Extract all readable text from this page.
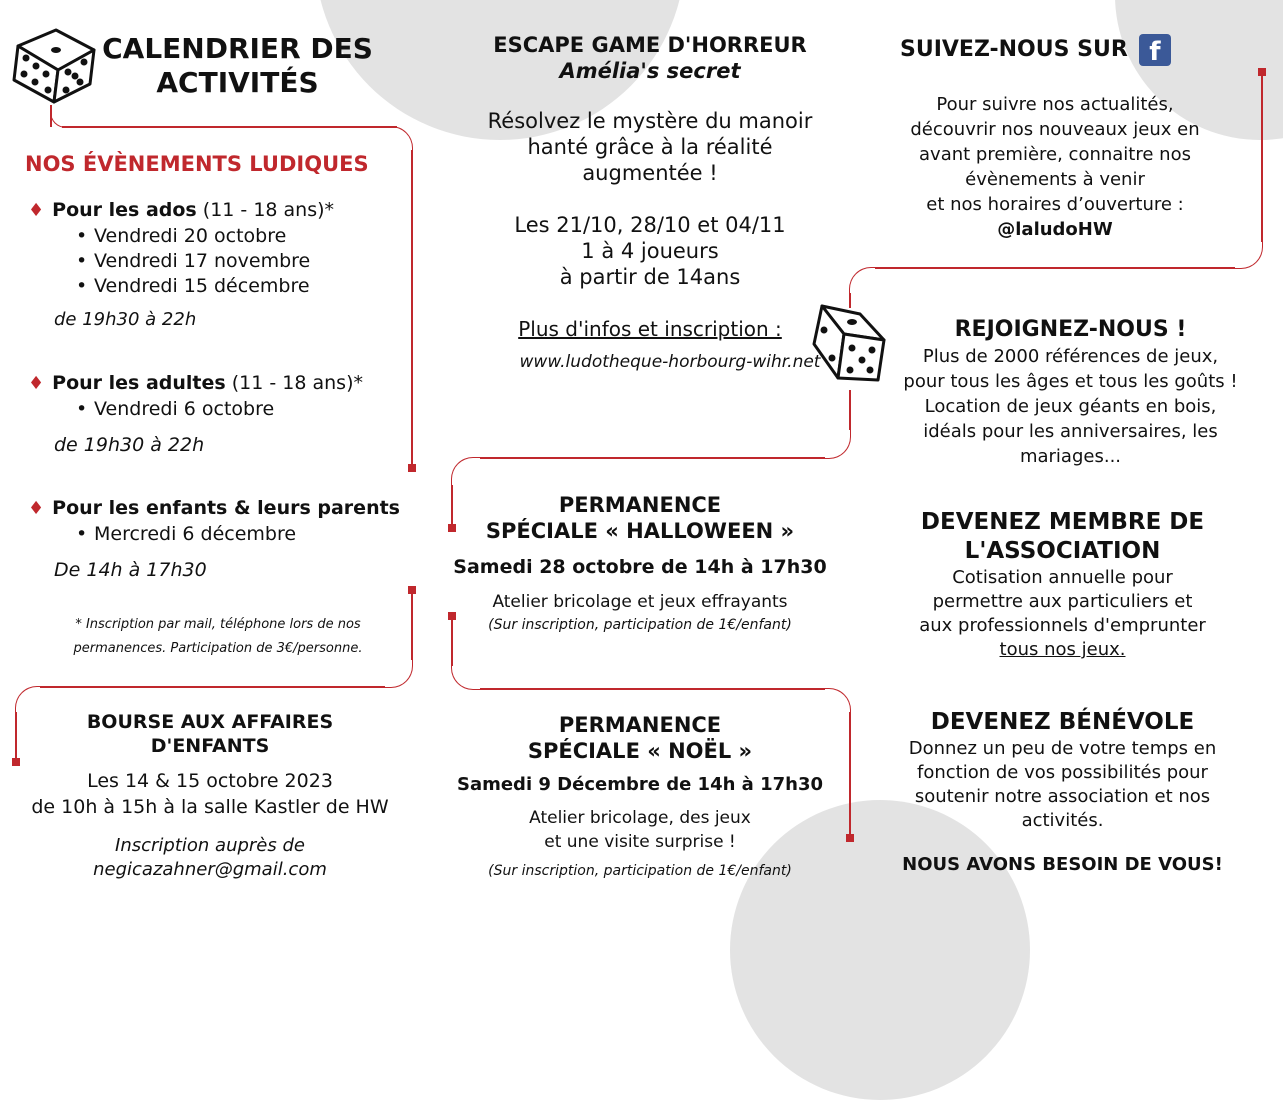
CALENDRIER DES
ACTIVITÉS
NOS ÉVÈNEMENTS LUDIQUES
♦ Pour les ados (11 - 18 ans)*
• Vendredi 20 octobre
• Vendredi 17 novembre
• Vendredi 15 décembre
de 19h30 à 22h
♦ Pour les adultes (11 - 18 ans)*
• Vendredi 6 octobre
de 19h30 à 22h
♦ Pour les enfants & leurs parents
• Mercredi 6 décembre
De 14h à 17h30
* Inscription par mail, téléphone lors de nos
permanences. Participation de 3€/personne.
BOURSE AUX AFFAIRES
D'ENFANTS
Les 14 & 15 octobre 2023
de 10h à 15h à la salle Kastler de HW
Inscription auprès de
negicazahner@gmail.com
ESCAPE GAME D'HORREUR
Amélia's secret
Résolvez le mystère du manoir
hanté grâce à la réalité
augmentée !
Les 21/10, 28/10 et 04/11
1 à 4 joueurs
à partir de 14ans
Plus d'infos et inscription :
www.ludotheque-horbourg-wihr.net
PERMANENCE
SPÉCIALE « HALLOWEEN »
Samedi 28 octobre de 14h à 17h30
Atelier bricolage et jeux effrayants
(Sur inscription, participation de 1€/enfant)
PERMANENCE
SPÉCIALE « NOËL »
Samedi 9 Décembre de 14h à 17h30
Atelier bricolage, des jeux
et une visite surprise !
(Sur inscription, participation de 1€/enfant)
SUIVEZ-NOUS SUR f
Pour suivre nos actualités,
découvrir nos nouveaux jeux en
avant première, connaitre nos
évènements à venir
et nos horaires d’ouverture :
@laludoHW
REJOIGNEZ-NOUS !
Plus de 2000 références de jeux,
pour tous les âges et tous les goûts !
Location de jeux géants en bois,
idéals pour les anniversaires, les
mariages...
DEVENEZ MEMBRE DE
L'ASSOCIATION
Cotisation annuelle pour
permettre aux particuliers et
aux professionnels d'emprunter
tous nos jeux.
DEVENEZ BÉNÉVOLE
Donnez un peu de votre temps en
fonction de vos possibilités pour
soutenir notre association et nos
activités.
NOUS AVONS BESOIN DE VOUS!
